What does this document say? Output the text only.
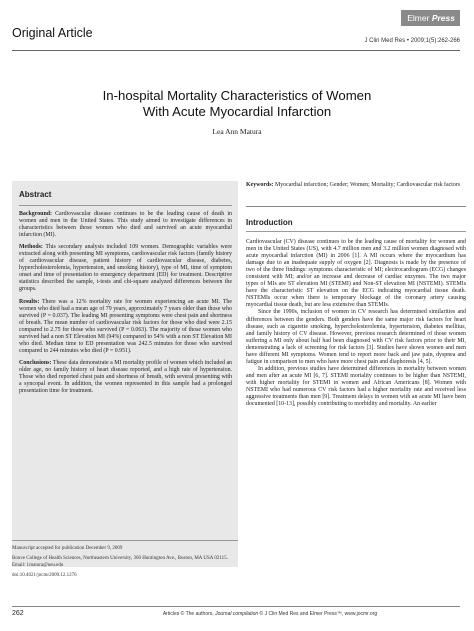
Elmer Press
Original Article
J Clin Med Res • 2009;1(5):262-266
In-hospital Mortality Characteristics of Women
With Acute Myocardial Infarction
Lea Ann Matura
Abstract

Background: Cardiovascular disease continues to be the leading cause of death in women and men in the United States. This study aimed to investigate differences in characteristics between those women who died and survived an acute myocardial infarction (MI).

Methods: This secondary analysis included 109 women. Demographic variables were extracted along with presenting MI symptoms, cardiovascular risk factors (family history of cardiovascular disease, patient history of cardiovascular disease, diabetes, hypercholesterolemia, hypertension, and smoking history), type of MI, time of symptom onset and time of presentation to emergency department (ED) for treatment. Descriptive statistics described the sample, t-tests and chi-square analyzed differences between the groups.

Results: There was a 12% mortality rate for women experiencing an acute MI. The women who died had a mean age of 79 years, approximately 7 years older than those who survived (P = 0.037). The leading MI presenting symptoms were chest pain and shortness of breath. The mean number of cardiovascular risk factors for those who died were 2.15 compared to 2.75 for those who survived (P = 0.063). The majority of those women who survived had a non ST Elevation MI (94%) compared to 54% with a non ST Elevation MI who died. Median time to ED presentation was 242.5 minutes for those who survived compared to 244 minutes who died (P = 0.951).

Conclusions: These data demonstrate a MI mortality profile of women which included an older age, no family history of heart disease reported, and a high rate of hypertension. Those who died reported chest pain and shortness of breath, with several presenting with a syncopal event. In addition, the women represented in this sample had a prolonged presentation time for treatment.

Keywords: Myocardial infarction; Gender; Women; Mortality; Cardiovascular risk factors
Introduction

Cardiovascular (CV) disease continues to be the leading cause of mortality for women and men in the United States (US), with 4.7 million men and 3.2 million women diagnosed with acute myocardial infarction (MI) in 2006 [1]. A MI occurs where the myocardium has damage due to an inadequate supply of oxygen [2]. Diagnosis is made by the presence of two of the three findings: symptoms characteristic of MI; electrocardiogram (ECG) changes consistent with MI; and/or an increase and decrease of cardiac enzymes. The two major types of MIs are ST elevation MI (STEMI) and Non-ST elevation MI (NSTEMI). STEMIs have the characteristic ST elevation on the ECG indicating myocardial tissue death. NSTEMIs occur when there is temporary blockage of the coronary artery causing myocardial tissue death, but are less extensive than STEMIs.

Since the 1990s, inclusion of women in CV research has determined similarities and differences between the genders. Both genders have the same major risk factors for heart disease, such as cigarette smoking, hypercholesterolemia, hypertension, diabetes mellitus, and family history of CV disease. However, previous research determined of those women suffering a MI only about half had been diagnosed with CV risk factors prior to their MI, demonstrating a lack of screening for risk factors [3]. Studies have shown women and men have different MI symptoms. Women tend to report more back and jaw pain, dyspnea and fatigue in comparison to men who have more chest pain and diaphoresis [4, 5].

In addition, previous studies have determined differences in mortality between women and men after an acute MI [6, 7]. STEMI mortality continues to be higher than NSTEMI, with higher mortality for STEMI in women and African Americans [8]. Women with NSTEMI who had numerous CV risk factors had a higher mortality rate and received less aggressive treatments than men [9]. Treatment delays in women with an acute MI have been documented [10-13], possibly contributing to morbidity and mortality. An earlier

Manuscript accepted for publication December 9, 2009
Bouve College of Health Sciences, Northeastern University, 360 Huntington Ave., Boston, MA USA 02115. Email: l.matura@neu.edu
doi:10.4021/jocmr2009.12.1276
262	Articles © The authors, Journal compilation © J Clin Med Res and Elmer Press™, www.jocmr.org
